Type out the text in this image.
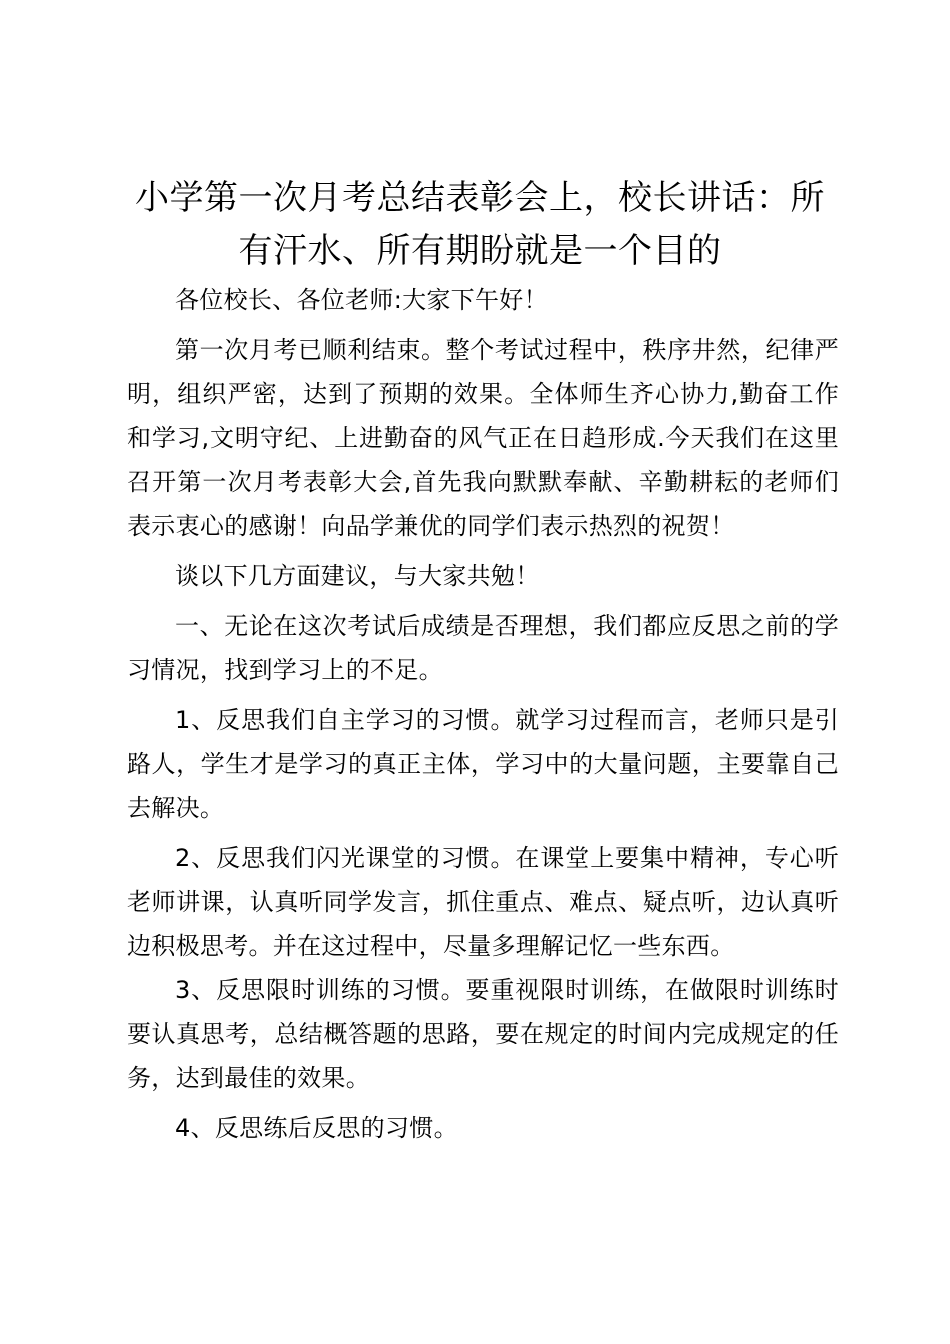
小学第一次月考总结表彰会上，校长讲话：所有汗水、所有期盼就是一个目的

各位校长、各位老师:大家下午好！

第一次月考已顺利结束。整个考试过程中，秩序井然，纪律严明，组织严密，达到了预期的效果。全体师生齐心协力,勤奋工作和学习,文明守纪、上进勤奋的风气正在日趋形成.今天我们在这里召开第一次月考表彰大会,首先我向默默奉献、辛勤耕耘的老师们表示衷心的感谢！向品学兼优的同学们表示热烈的祝贺！

谈以下几方面建议，与大家共勉！

一、无论在这次考试后成绩是否理想，我们都应反思之前的学习情况，找到学习上的不足。

1、反思我们自主学习的习惯。就学习过程而言，老师只是引路人，学生才是学习的真正主体，学习中的大量问题，主要靠自己去解决。

2、反思我们闪光课堂的习惯。在课堂上要集中精神，专心听老师讲课，认真听同学发言，抓住重点、难点、疑点听，边认真听边积极思考。并在这过程中，尽量多理解记忆一些东西。

3、反思限时训练的习惯。要重视限时训练，在做限时训练时要认真思考，总结概答题的思路，要在规定的时间内完成规定的任务，达到最佳的效果。

4、反思练后反思的习惯。
